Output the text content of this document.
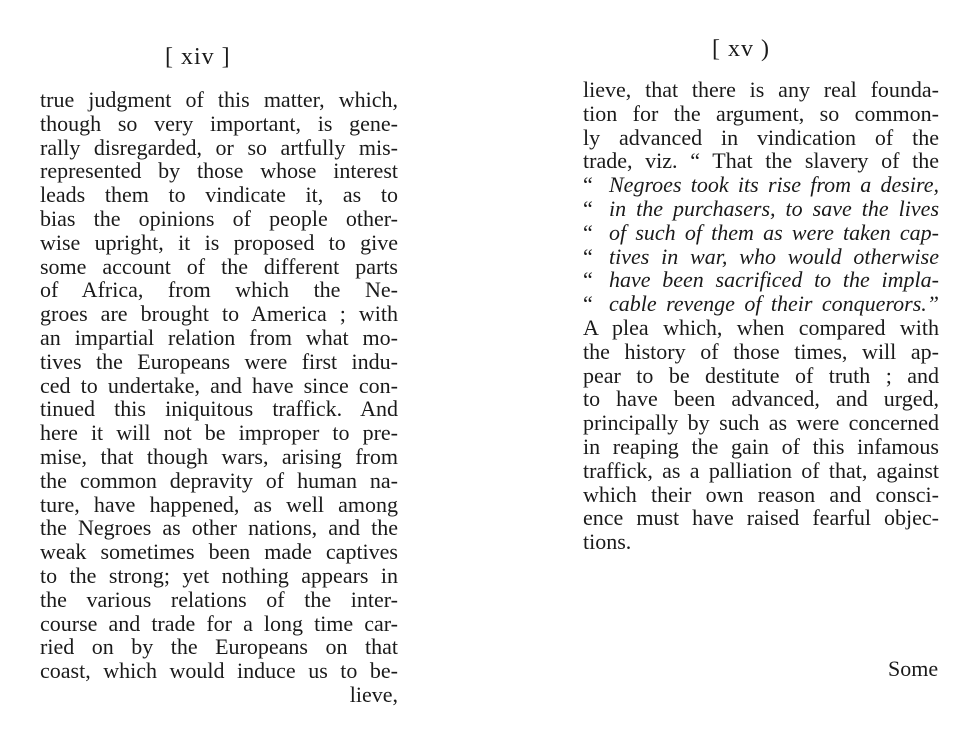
[ xiv ]
true judgment of this matter, which,
though so very important, is gene-
rally disregarded, or so artfully mis-
represented by those whose interest
leads them to vindicate it, as to
bias the opinions of people other-
wise upright, it is proposed to give
some account of the different parts
of Africa, from which the Ne-
groes are brought to America ; with
an impartial relation from what mo-
tives the Europeans were first indu-
ced to undertake, and have since con-
tinued this iniquitous traffick. And
here it will not be improper to pre-
mise, that though wars, arising from
the common depravity of human na-
ture, have happened, as well among
the Negroes as other nations, and the
weak sometimes been made captives
to the strong; yet nothing appears in
the various relations of the inter-
course and trade for a long time car-
ried on by the Europeans on that
coast, which would induce us to be-
lieve,
[ xv )
lieve, that there is any real founda-
tion for the argument, so common-
ly advanced in vindication of the
trade, viz. “ That the slavery of the
“ Negroes took its rise from a desire,
“ in the purchasers, to save the lives
“ of such of them as were taken cap-
“ tives in war, who would otherwise
“ have been sacrificed to the impla-
“ cable revenge of their conquerors.”
A plea which, when compared with
the history of those times, will ap-
pear to be destitute of truth ; and
to have been advanced, and urged,
principally by such as were concerned
in reaping the gain of this infamous
traffick, as a palliation of that, against
which their own reason and consci-
ence must have raised fearful objec-
tions.
Some
